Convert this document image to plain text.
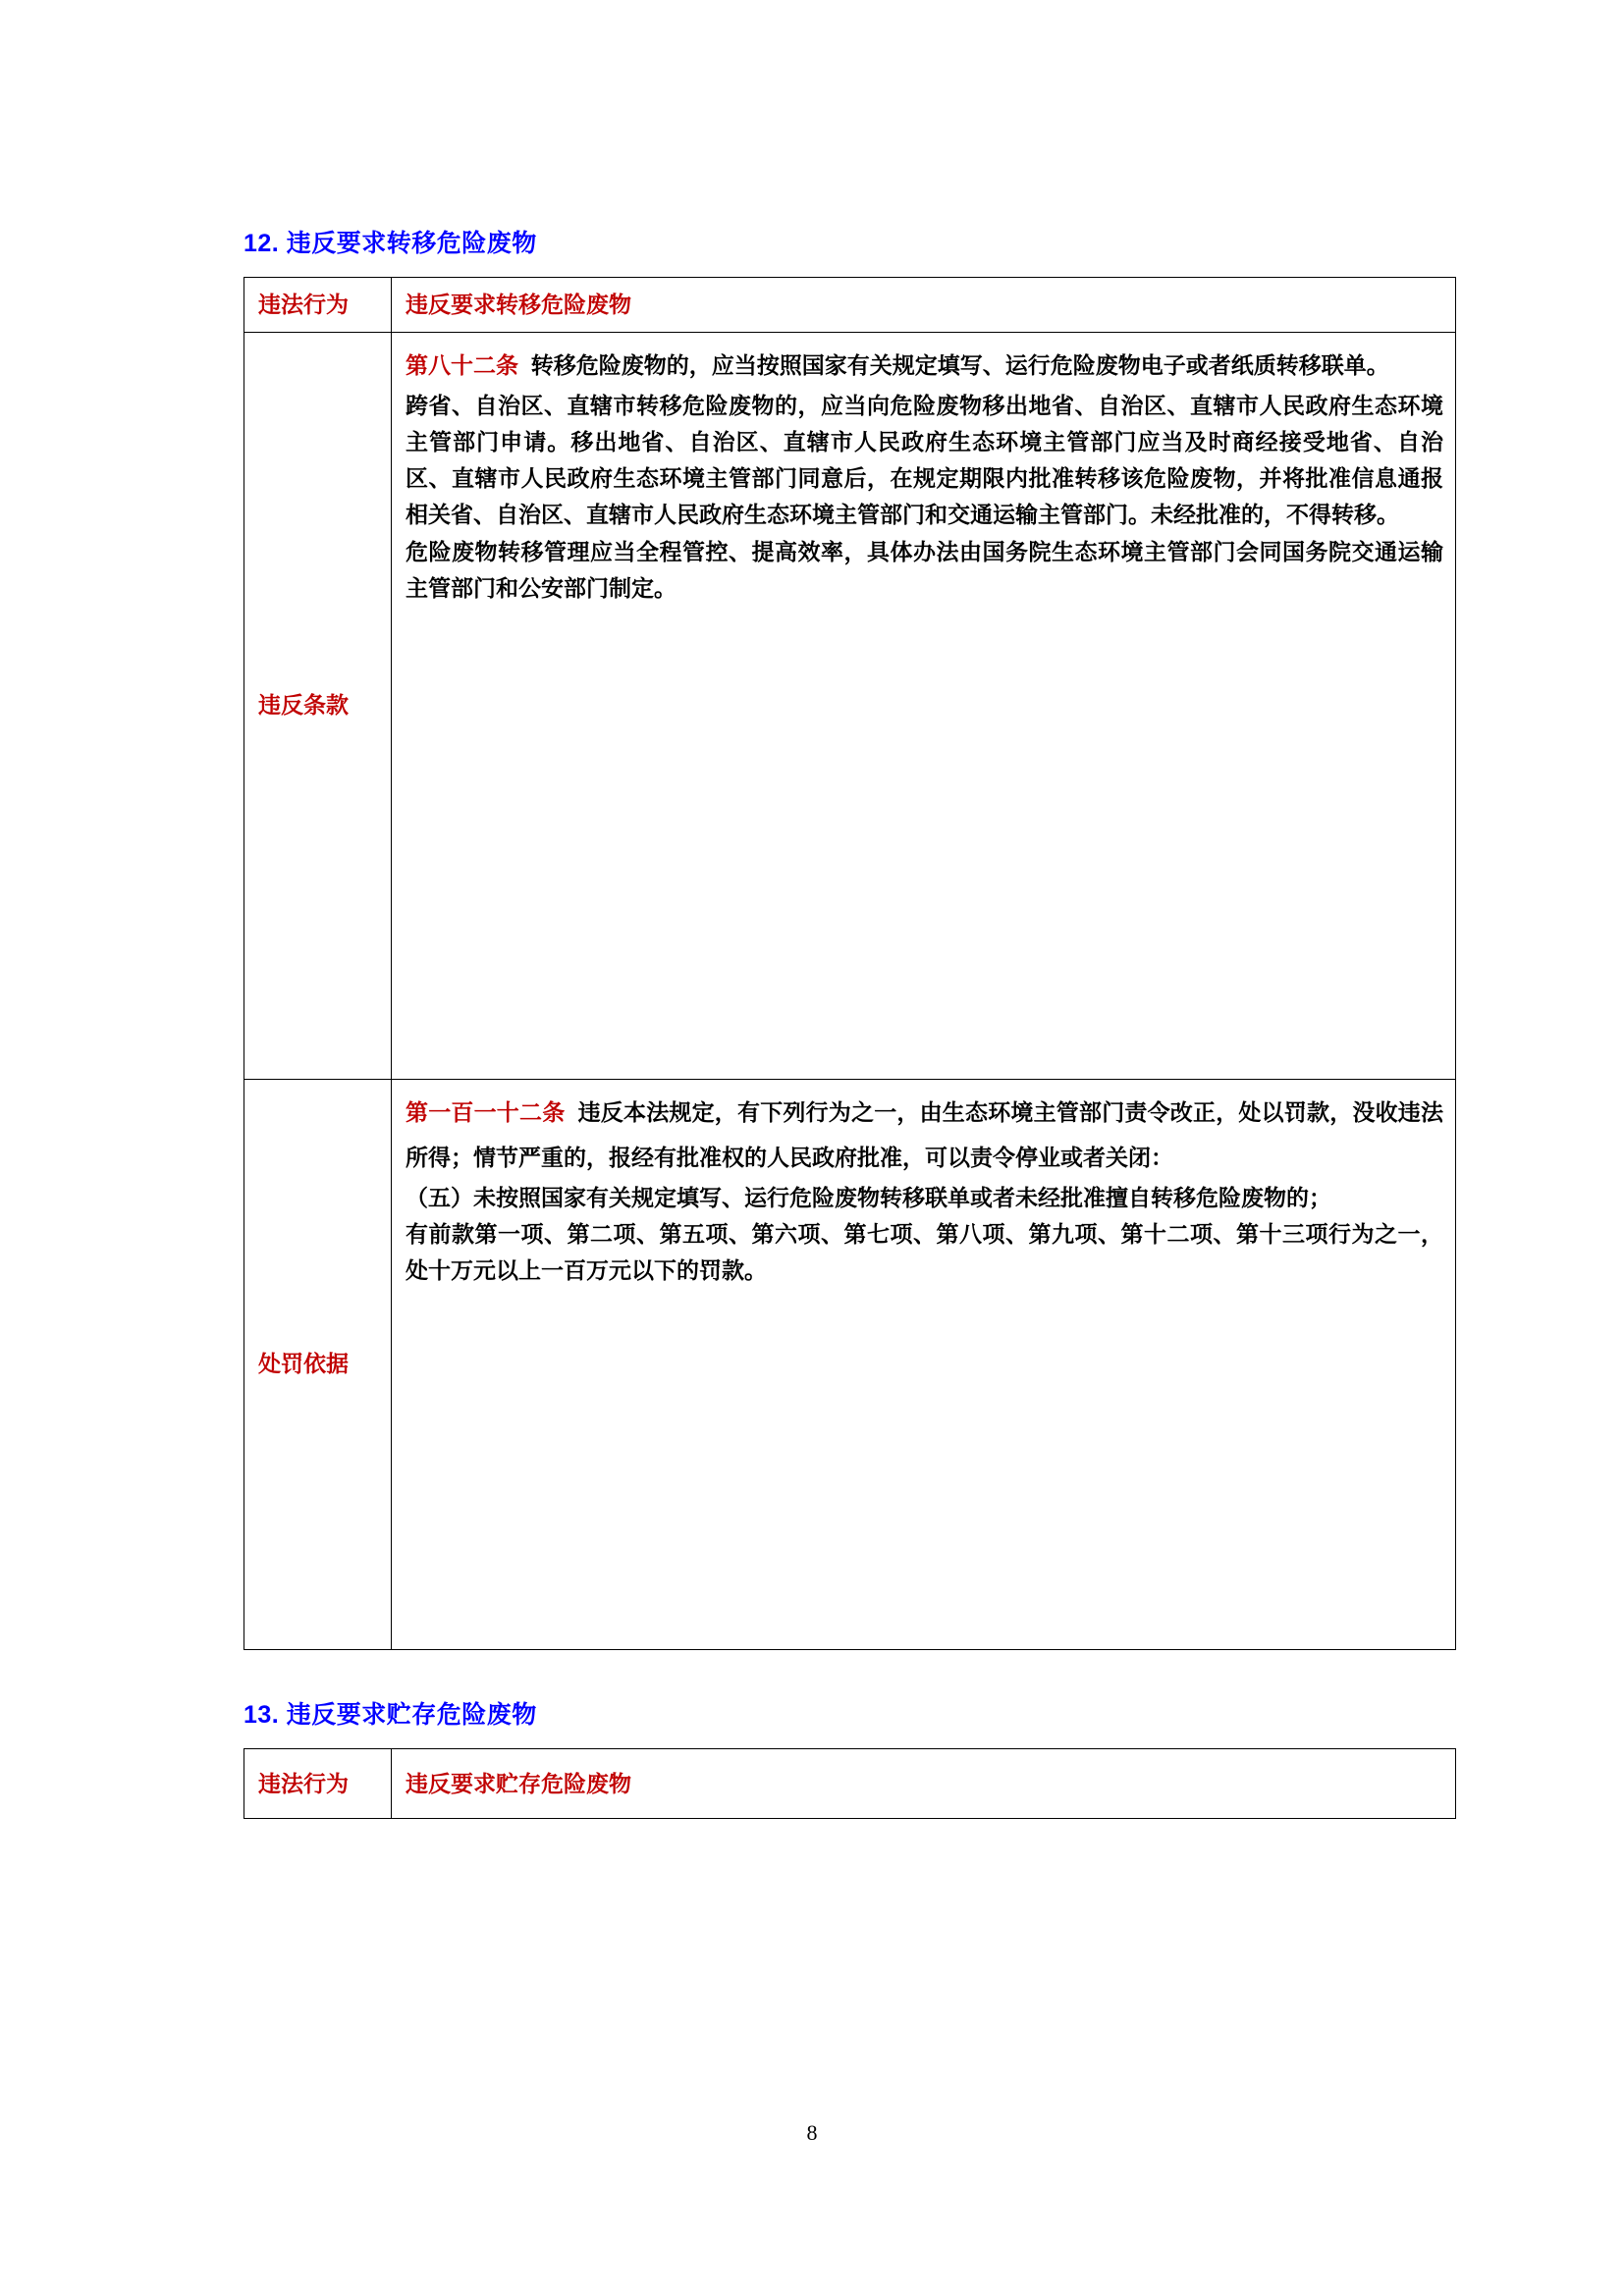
12. 违反要求转移危险废物
违法行为	违反要求转移危险废物
违反条款	第八十二条 转移危险废物的，应当按照国家有关规定填写、运行危险废物电子或者纸质转移联单。

跨省、自治区、直辖市转移危险废物的，应当向危险废物移出地省、自治区、直辖市人民政府生态环境主管部门申请。移出地省、自治区、直辖市人民政府生态环境主管部门应当及时商经接受地省、自治区、直辖市人民政府生态环境主管部门同意后，在规定期限内批准转移该危险废物，并将批准信息通报相关省、自治区、直辖市人民政府生态环境主管部门和交通运输主管部门。未经批准的，不得转移。

危险废物转移管理应当全程管控、提高效率，具体办法由国务院生态环境主管部门会同国务院交通运输主管部门和公安部门制定。

处罚依据	第一百一十二条 违反本法规定，有下列行为之一，由生态环境主管部门责令改正，处以罚款，没收违法所得；情节严重的，报经有批准权的人民政府批准，可以责令停业或者关闭：

（五）未按照国家有关规定填写、运行危险废物转移联单或者未经批准擅自转移危险废物的；

有前款第一项、第二项、第五项、第六项、第七项、第八项、第九项、第十二项、第十三项行为之一，处十万元以上一百万元以下的罚款。

13. 违反要求贮存危险废物
违法行为	违反要求贮存危险废物
8
